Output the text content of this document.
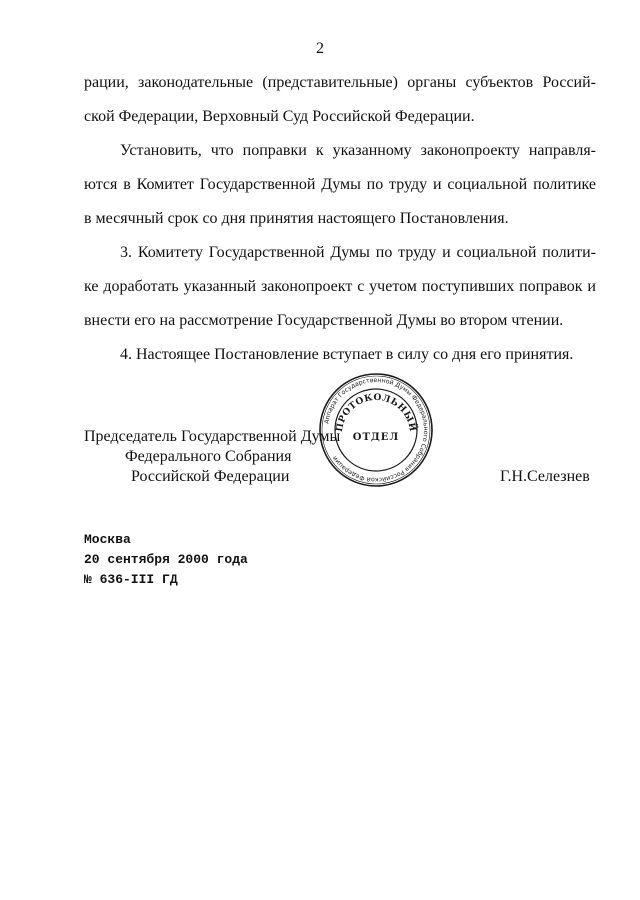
2
рации, законодательные (представительные) органы субъектов Россий-
ской Федерации, Верховный Суд Российской Федерации.
Установить, что поправки к указанному законопроекту направля-
ются в Комитет Государственной Думы по труду и социальной политике
в месячный срок со дня принятия настоящего Постановления.
3. Комитету Государственной Думы по труду и социальной полити-
ке доработать указанный законопроект с учетом поступивших поправок и
внести его на рассмотрение Государственной Думы во втором чтении.
4. Настоящее Постановление вступает в силу со дня его принятия.
Аппарат Государственной Думы Федерального Собрания Российской Федерации
ПРОТОКОЛЬНЫЙ
ОТДЕЛ
Председатель Государственной Думы
Федерального Собрания
Российской Федерации	Г.Н.Селезнев
Москва
20 сентября 2000 года
№ 636-III ГД
